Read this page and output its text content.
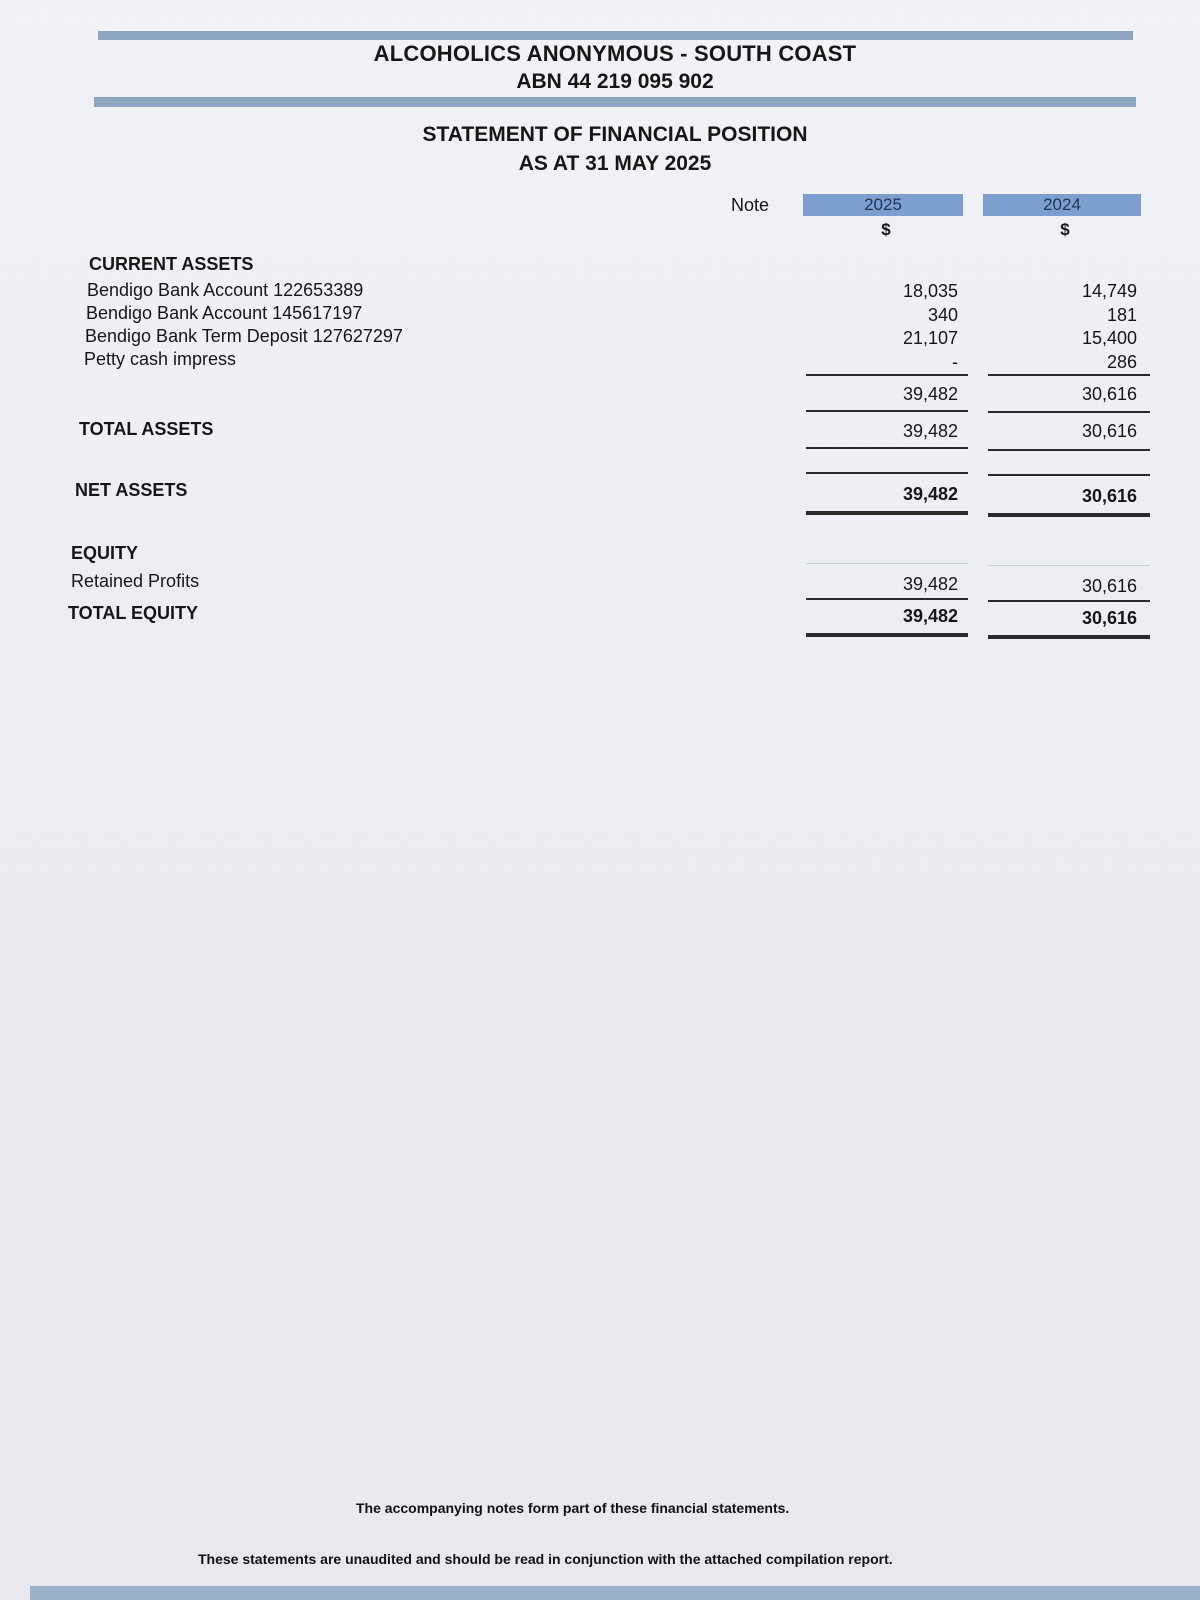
ALCOHOLICS ANONYMOUS - SOUTH COAST
ABN 44 219 095 902
STATEMENT OF FINANCIAL POSITION
AS AT 31 MAY 2025
Note	2025	2024
$	$
CURRENT ASSETS
Bendigo Bank Account 122653389	18,035	14,749
Bendigo Bank Account 145617197	340	181
Bendigo Bank Term Deposit 127627297	21,107	15,400
Petty cash impress	-	286
39,482	30,616
TOTAL ASSETS	39,482	30,616
NET ASSETS	39,482	30,616
EQUITY
Retained Profits	39,482	30,616
TOTAL EQUITY	39,482	30,616
The accompanying notes form part of these financial statements.
These statements are unaudited and should be read in conjunction with the attached compilation report.
